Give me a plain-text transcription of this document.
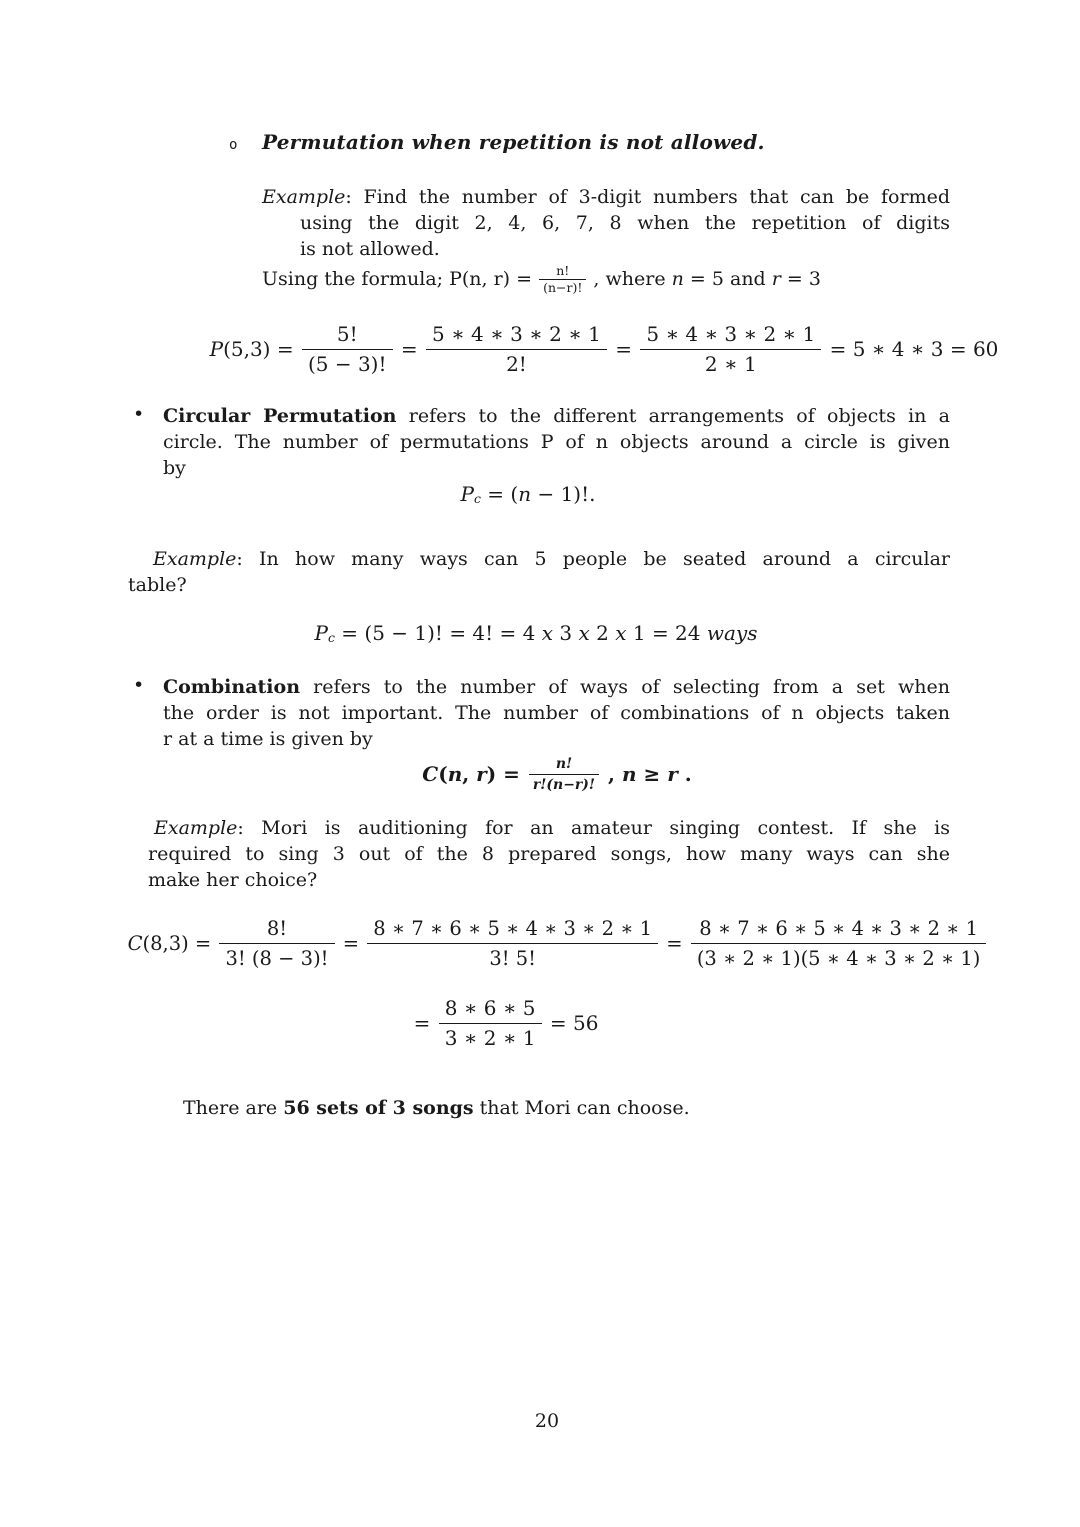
o Permutation when repetition is not allowed.
Example: Find the number of 3-digit numbers that can be formed
using the digit 2, 4, 6, 7, 8 when the repetition of digits
is not allowed.
Using the formula; P(n, $r) = \frac{n!}{(n-r)!}$ , where n = 5 and r = 3
P $(5,3) = \frac{5!}{(5 - 3)!} = \frac{5 ∗ 4 ∗ 3 ∗ 2 ∗ 1}{2!} = \frac{5 ∗ 4 ∗ 3 ∗ 2 ∗ 1}{2 ∗ 1} = 5$ ∗ 4 ∗ 3 = 60
• Circular Permutation refers to the different arrangements of objects in a
circle. The number of permutations P of n objects around a circle is given
by
P c = ( n − 1)!.
Example: In how many ways can 5 people be seated around a circular
table?
P c = (5 − 1)! = 4! = 4 x 3 x 2 x 1 = 24 ways
• Combination refers to the number of ways of selecting from a set when
the order is not important. The number of combinations of n objects taken
r at a time is given by
C ( n , r ) = $\frac{n!}{r!(n-r)!}$ , n ≥ r .
Example: Mori is auditioning for an amateur singing contest. If she is
required to sing 3 out of the 8 prepared songs, how many ways can she
make her choice?
C $(8,3) = \frac{8!}{3! (8 - 3)!} = \frac{8 ∗ 7 ∗ 6 ∗ 5 ∗ 4 ∗ 3 ∗ 2 ∗ 1}{3! 5!} = \frac{8 ∗ 7 ∗ 6 ∗ 5 ∗ 4 ∗ 3 ∗ 2 ∗ 1}{(3 ∗ 2 ∗ 1)(5 ∗ 4 ∗ 3 ∗ 2 ∗ 1)}$
= $\frac{8 ∗ 6 ∗ 5}{3 ∗ 2 ∗ 1} = 56$
There are 56 sets of 3 songs that Mori can choose.
20
